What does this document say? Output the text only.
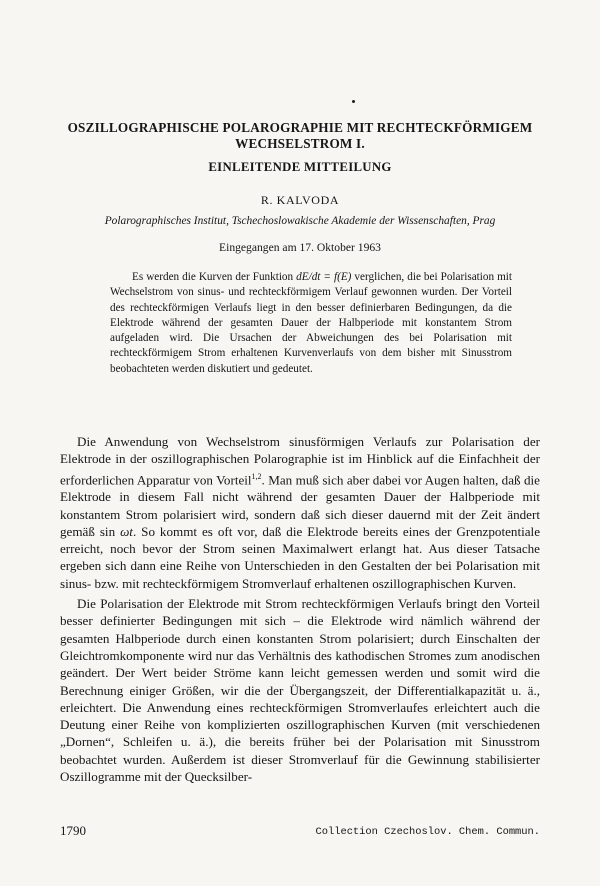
OSZILLOGRAPHISCHE POLAROGRAPHIE MIT RECHTECKFÖRMIGEM WECHSELSTROM I.
EINLEITENDE MITTEILUNG
R. KALVODA
Polarographisches Institut, Tschechoslowakische Akademie der Wissenschaften, Prag
Eingegangen am 17. Oktober 1963
Es werden die Kurven der Funktion dE/dt = f(E) verglichen, die bei Polarisation mit Wechselstrom von sinus- und rechteckförmigem Verlauf gewonnen wurden. Der Vorteil des rechteckförmigen Verlaufs liegt in den besser definierbaren Bedingungen, da die Elektrode während der gesamten Dauer der Halbperiode mit konstantem Strom aufgeladen wird. Die Ursachen der Abweichungen des bei Polarisation mit rechteckförmigem Strom erhaltenen Kurvenverlaufs von dem bisher mit Sinusstrom beobachteten werden diskutiert und gedeutet.

Die Anwendung von Wechselstrom sinusförmigen Verlaufs zur Polarisation der Elektrode in der oszillographischen Polarographie ist im Hinblick auf die Einfachheit der erforderlichen Apparatur von Vorteil$^{1,2}$. Man muß sich aber dabei vor Augen halten, daß die Elektrode in diesem Fall nicht während der gesamten Dauer der Halbperiode mit konstantem Strom polarisiert wird, sondern daß sich dieser dauernd mit der Zeit ändert gemäß sin ωt. So kommt es oft vor, daß die Elektrode bereits eines der Grenzpotentiale erreicht, noch bevor der Strom seinen Maximalwert erlangt hat. Aus dieser Tatsache ergeben sich dann eine Reihe von Unterschieden in den Gestalten der bei Polarisation mit sinus- bzw. mit rechteckförmigem Stromverlauf erhaltenen oszillographischen Kurven.

Die Polarisation der Elektrode mit Strom rechteckförmigen Verlaufs bringt den Vorteil besser definierter Bedingungen mit sich – die Elektrode wird nämlich während der gesamten Halbperiode durch einen konstanten Strom polarisiert; durch Einschalten der Gleichtromkomponente wird nur das Verhältnis des kathodischen Stromes zum anodischen geändert. Der Wert beider Ströme kann leicht gemessen werden und somit wird die Berechnung einiger Größen, wir die der Übergangszeit, der Differentialkapazität u. ä., erleichtert. Die Anwendung eines rechteckförmigen Stromverlaufes erleichtert auch die Deutung einer Reihe von komplizierten oszillographischen Kurven (mit verschiedenen „Dornen“, Schleifen u. ä.), die bereits früher bei der Polarisation mit Sinusstrom beobachtet wurden. Außerdem ist dieser Stromverlauf für die Gewinnung stabilisierter Oszillogramme mit der Quecksilber-

1790	Collection Czechoslov. Chem. Commun.
